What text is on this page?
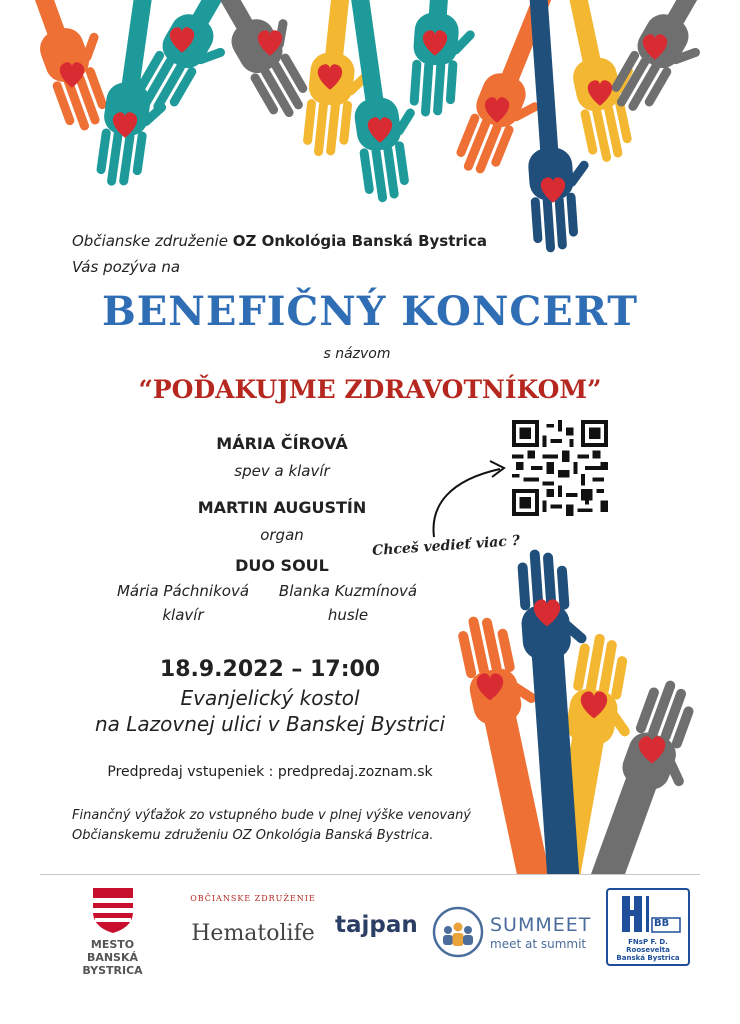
Občianske združenie OZ Onkológia Banská Bystrica
Vás pozýva na
BENEFIČNÝ KONCERT
s názvom
“POĎAKUJME ZDRAVOTNÍKOM”
MÁRIA ČÍROVÁ
spev a klavír
MARTIN AUGUSTÍN
organ
DUO SOUL
Mária Páchniková
klavír
Blanka Kuzmínová
husle
Chceš vedieť viac ?
18.9.2022 – 17:00
Evanjelický kostol
na Lazovnej ulici v Banskej Bystrici
Predpredaj vstupeniek : predpredaj.zoznam.sk
Finančný výťažok zo vstupného bude v plnej výške venovaný
Občianskemu združeniu OZ Onkológia Banská Bystrica.
MESTO
BANSKÁ BYSTRICA
OBČIANSKE ZDRUŽENIE
Hematolife tajpan	SUMMEET
meet at summit
BB
FNsP F. D. Roosevelta
Banská Bystrica
